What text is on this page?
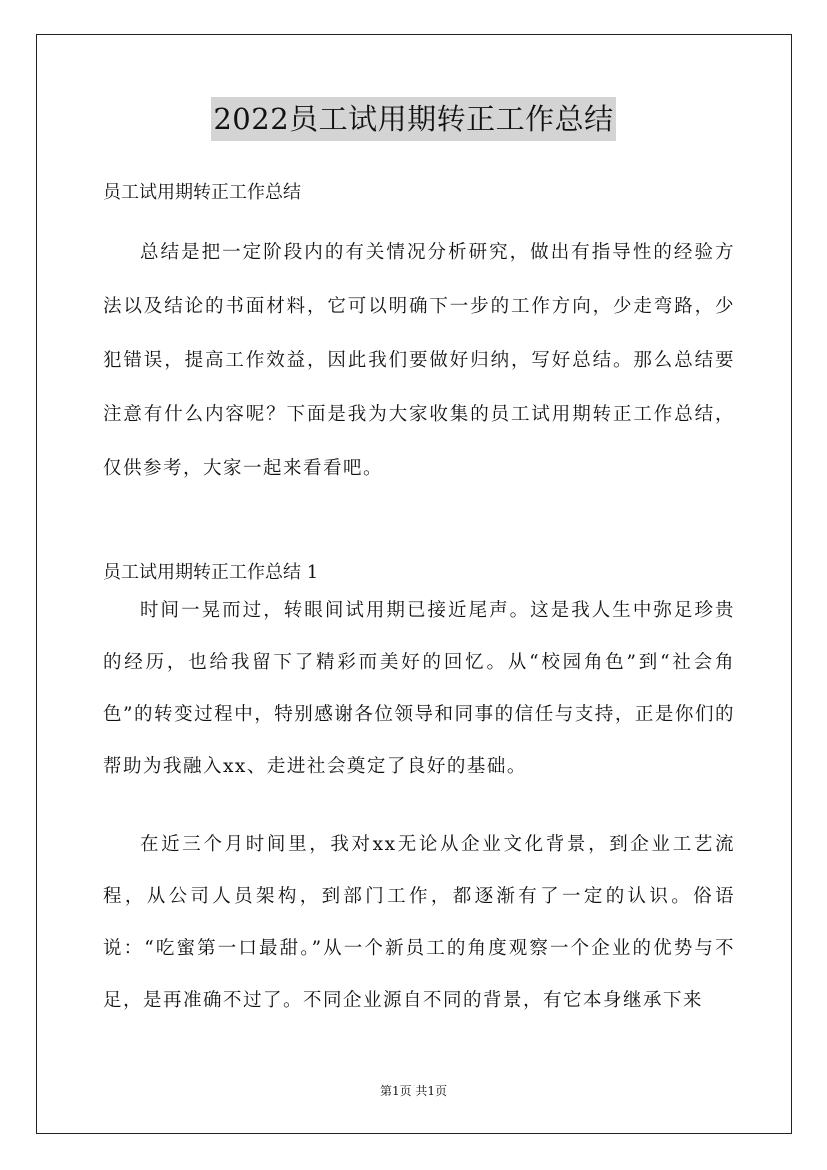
2022员工试用期转正工作总结
员工试用期转正工作总结
总结是把一定阶段内的有关情况分析研究，做出有指导性的经验方法以及结论的书面材料，它可以明确下一步的工作方向，少走弯路，少犯错误，提高工作效益，因此我们要做好归纳，写好总结。那么总结要注意有什么内容呢？下面是我为大家收集的员工试用期转正工作总结，仅供参考，大家一起来看看吧。
员工试用期转正工作总结 1
时间一晃而过，转眼间试用期已接近尾声。这是我人生中弥足珍贵的经历，也给我留下了精彩而美好的回忆。从“校园角色”到“社会角色”的转变过程中，特别感谢各位领导和同事的信任与支持，正是你们的帮助为我融入xx、走进社会奠定了良好的基础。
在近三个月时间里，我对xx无论从企业文化背景，到企业工艺流程，从公司人员架构，到部门工作，都逐渐有了一定的认识。俗语说：“吃蜜第一口最甜。”从一个新员工的角度观察一个企业的优势与不足，是再准确不过了。不同企业源自不同的背景，有它本身继承下来
第1页 共1页
